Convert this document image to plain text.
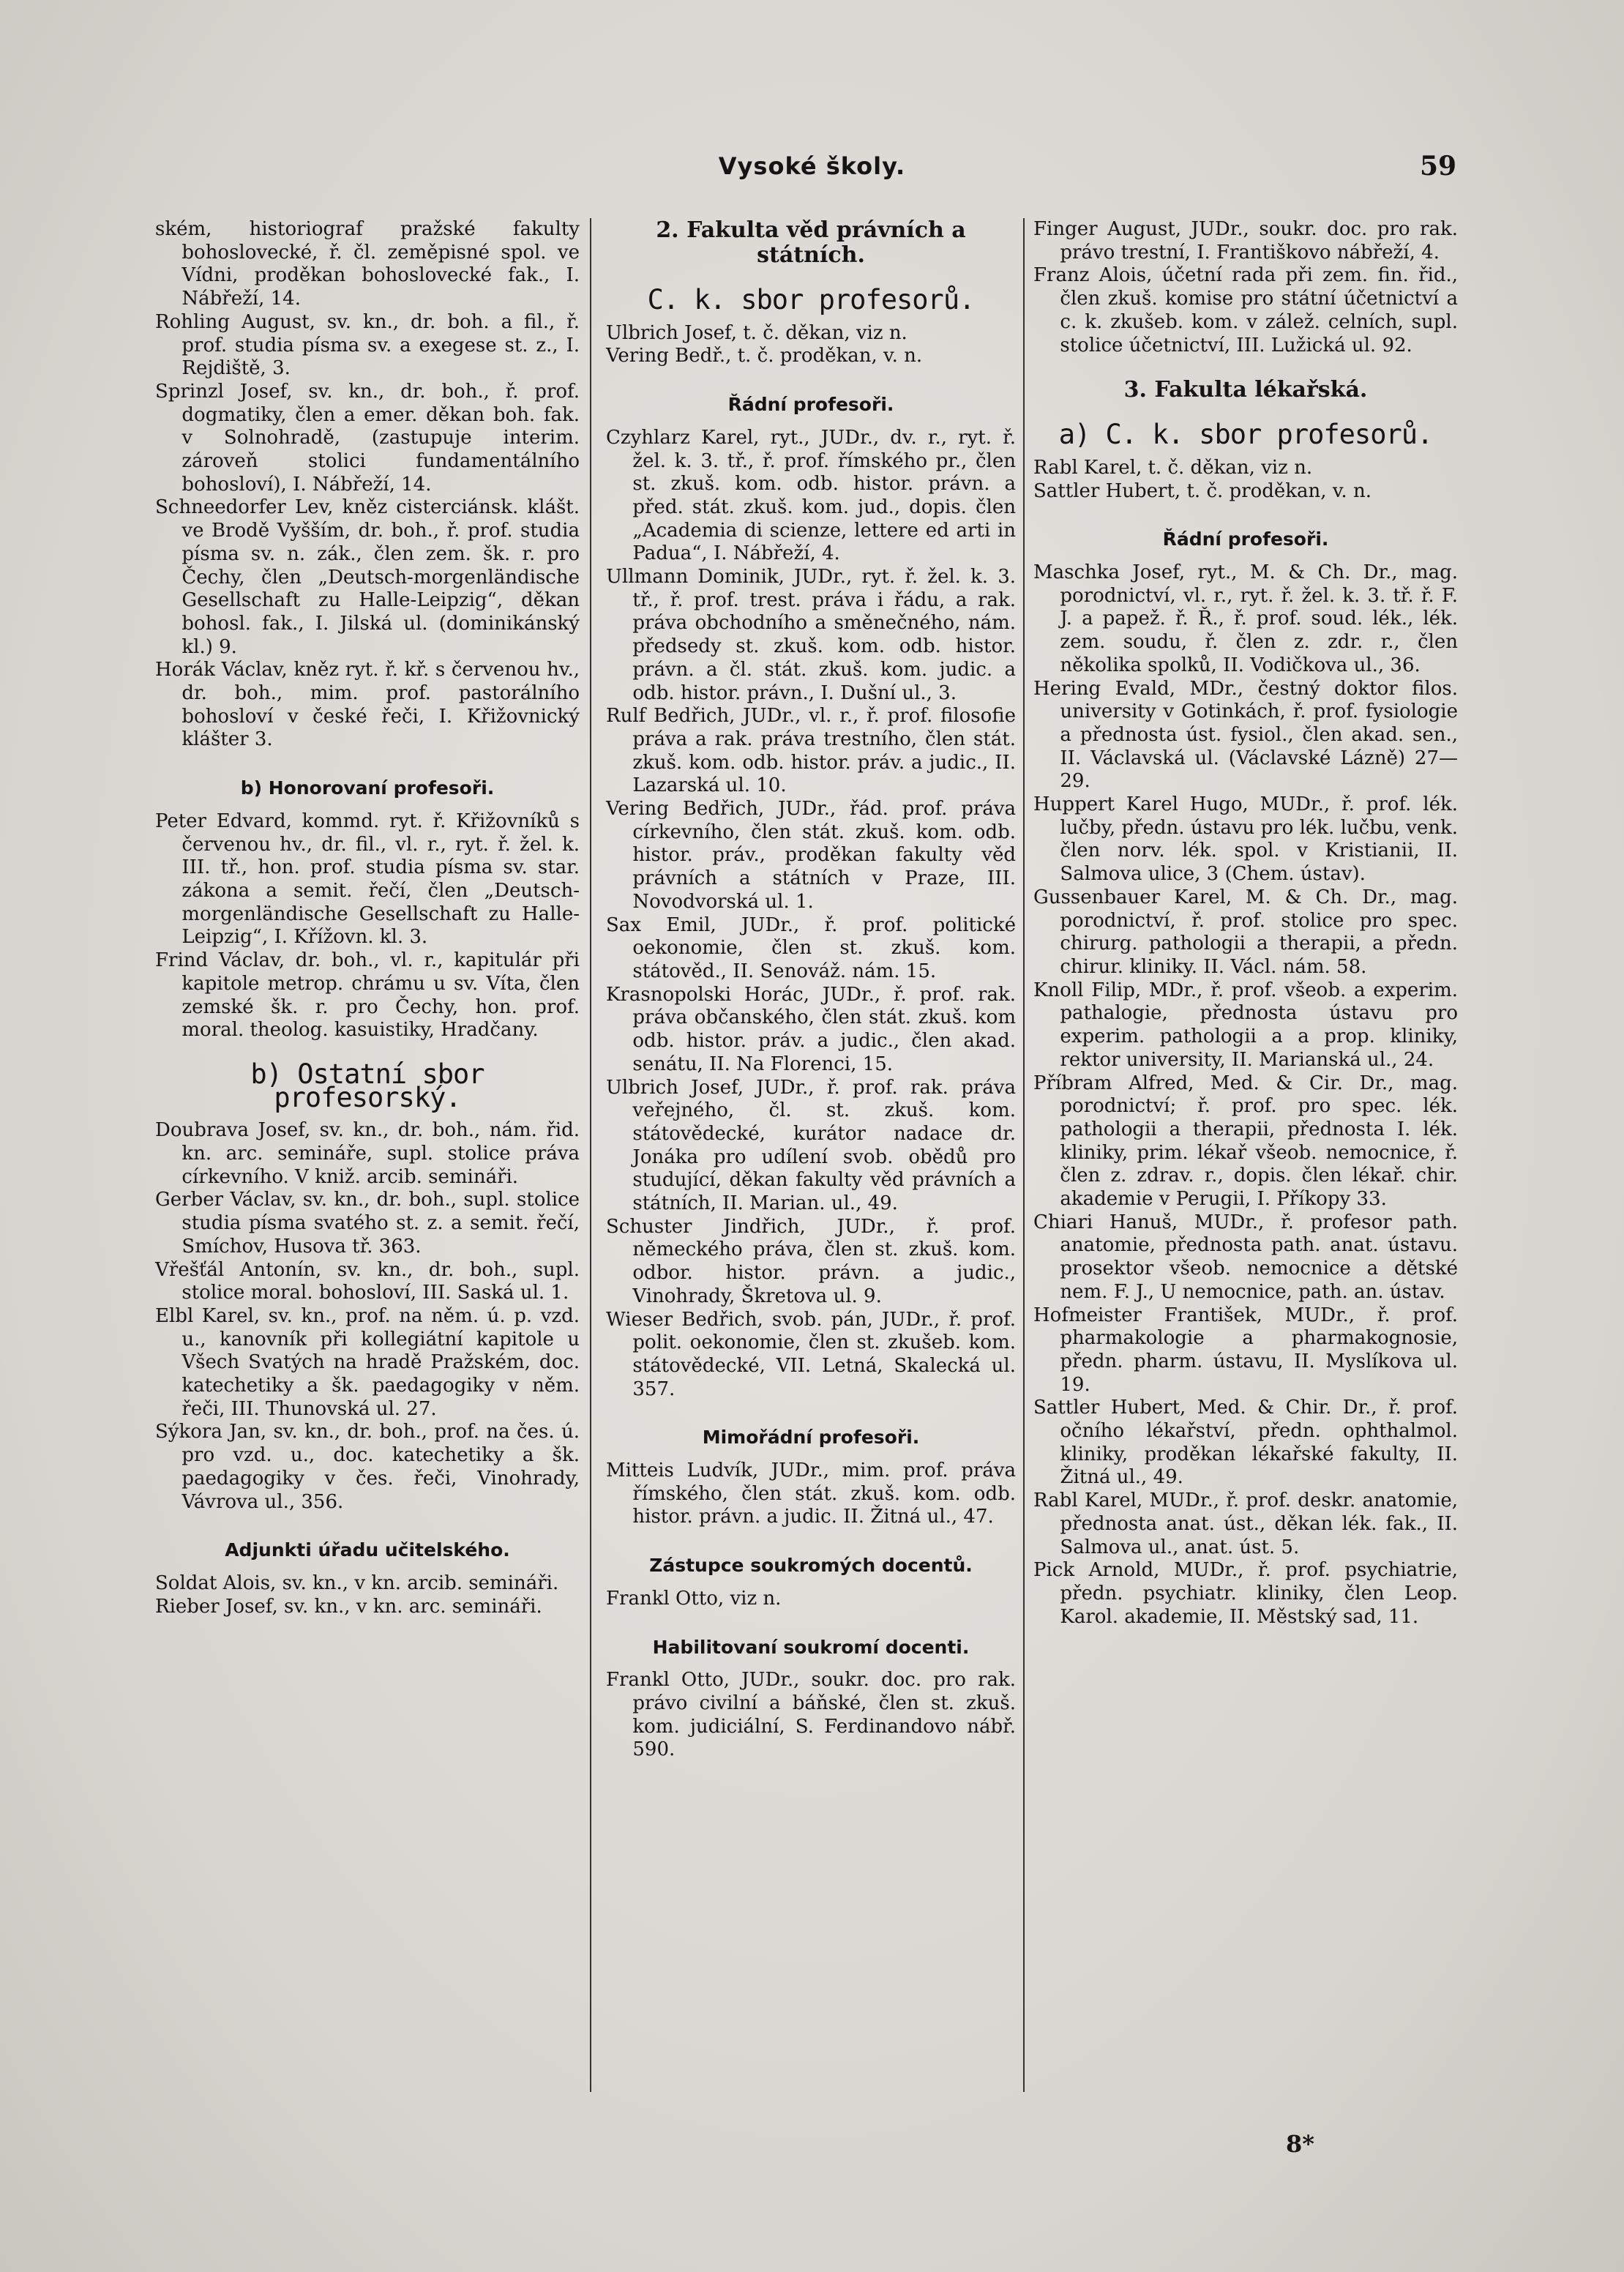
Vysoké školy.	59
ském, historiograf pražské fakulty bohoslovecké, ř. čl. zeměpisné spol. ve Vídni, proděkan bohoslovecké fak., I. Nábřeží, 14.
Rohling August, sv. kn., dr. boh. a fil., ř. prof. studia písma sv. a exegese st. z., I. Rejdiště, 3.
Sprinzl Josef, sv. kn., dr. boh., ř. prof. dogmatiky, člen a emer. děkan boh. fak. v Solnohradě, (zastupuje interim. zároveň stolici fundamentálního bohosloví), I. Nábřeží, 14.
Schneedorfer Lev, kněz cisterciánsk. klášt. ve Brodě Vyšším, dr. boh., ř. prof. studia písma sv. n. zák., člen zem. šk. r. pro Čechy, člen „Deutsch-morgenländische Gesellschaft zu Halle-Leipzig“, děkan bohosl. fak., I. Jilská ul. (dominikánský kl.) 9.
Horák Václav, kněz ryt. ř. kř. s červenou hv., dr. boh., mim. prof. pastorálního bohosloví v české řeči, I. Křižovnický klášter 3.
b) Honorovaní profesoři.
Peter Edvard, kommd. ryt. ř. Křižovníků s červenou hv., dr. fil., vl. r., ryt. ř. žel. k. III. tř., hon. prof. studia písma sv. star. zákona a semit. řečí, člen „Deutsch-morgenländische Gesellschaft zu Halle-Leipzig“, I. Křížovn. kl. 3.
Frind Václav, dr. boh., vl. r., kapitulár při kapitole metrop. chrámu u sv. Víta, člen zemské šk. r. pro Čechy, hon. prof. moral. theolog. kasuistiky, Hradčany.
b) Ostatní sbor profesorský.
Doubrava Josef, sv. kn., dr. boh., nám. řid. kn. arc. semináře, supl. stolice práva církevního. V kniž. arcib. semináři.
Gerber Václav, sv. kn., dr. boh., supl. stolice studia písma svatého st. z. a semit. řečí, Smíchov, Husova tř. 363.
Vřešťál Antonín, sv. kn., dr. boh., supl. stolice moral. bohosloví, III. Saská ul. 1.
Elbl Karel, sv. kn., prof. na něm. ú. p. vzd. u., kanovník při kollegiátní kapitole u Všech Svatých na hradě Pražském, doc. katechetiky a šk. paedagogiky v něm. řeči, III. Thunovská ul. 27.
Sýkora Jan, sv. kn., dr. boh., prof. na čes. ú. pro vzd. u., doc. katechetiky a šk. paedagogiky v čes. řeči, Vinohrady, Vávrova ul., 356.
Adjunkti úřadu učitelského.
Soldat Alois, sv. kn., v kn. arcib. semináři.
Rieber Josef, sv. kn., v kn. arc. semináři.
2. Fakulta věd právních a státních.
C. k. sbor profesorů.
Ulbrich Josef, t. č. děkan, viz n.
Vering Bedř., t. č. proděkan, v. n.
Řádní profesoři.
Czyhlarz Karel, ryt., JUDr., dv. r., ryt. ř. žel. k. 3. tř., ř. prof. římského pr., člen st. zkuš. kom. odb. histor. právn. a před. stát. zkuš. kom. jud., dopis. člen „Academia di scienze, lettere ed arti in Padua“, I. Nábřeží, 4.
Ullmann Dominik, JUDr., ryt. ř. žel. k. 3. tř., ř. prof. trest. práva i řádu, a rak. práva obchodního a směnečného, nám. předsedy st. zkuš. kom. odb. histor. právn. a čl. stát. zkuš. kom. judic. a odb. histor. právn., I. Dušní ul., 3.
Rulf Bedřich, JUDr., vl. r., ř. prof. filosofie práva a rak. práva trestního, člen stát. zkuš. kom. odb. histor. práv. a judic., II. Lazarská ul. 10.
Vering Bedřich, JUDr., řád. prof. práva církevního, člen stát. zkuš. kom. odb. histor. práv., proděkan fakulty věd právních a státních v Praze, III. Novodvorská ul. 1.
Sax Emil, JUDr., ř. prof. politické oekonomie, člen st. zkuš. kom. státověd., II. Senováž. nám. 15.
Krasnopolski Horác, JUDr., ř. prof. rak. práva občanského, člen stát. zkuš. kom odb. histor. práv. a judic., člen akad. senátu, II. Na Florenci, 15.
Ulbrich Josef, JUDr., ř. prof. rak. práva veřejného, čl. st. zkuš. kom. státovědecké, kurátor nadace dr. Jonáka pro udílení svob. obědů pro studující, děkan fakulty věd právních a státních, II. Marian. ul., 49.
Schuster Jindřich, JUDr., ř. prof. německého práva, člen st. zkuš. kom. odbor. histor. právn. a judic., Vinohrady, Škretova ul. 9.
Wieser Bedřich, svob. pán, JUDr., ř. prof. polit. oekonomie, člen st. zkušeb. kom. státovědecké, VII. Letná, Skalecká ul. 357.
Mimořádní profesoři.
Mitteis Ludvík, JUDr., mim. prof. práva římského, člen stát. zkuš. kom. odb. histor. právn. a judic. II. Žitná ul., 47.
Zástupce soukromých docentů.
Frankl Otto, viz n.
Habilitovaní soukromí docenti.
Frankl Otto, JUDr., soukr. doc. pro rak. právo civilní a báňské, člen st. zkuš. kom. judiciální, S. Ferdinandovo nábř. 590.
Finger August, JUDr., soukr. doc. pro rak. právo trestní, I. Františkovo nábřeží, 4.
Franz Alois, účetní rada při zem. fin. řid., člen zkuš. komise pro státní účetnictví a c. k. zkušeb. kom. v zálež. celních, supl. stolice účetnictví, III. Lužická ul. 92.
3. Fakulta lékařská.
a) C. k. sbor profesorů.
Rabl Karel, t. č. děkan, viz n.
Sattler Hubert, t. č. proděkan, v. n.
Řádní profesoři.
Maschka Josef, ryt., M. & Ch. Dr., mag. porodnictví, vl. r., ryt. ř. žel. k. 3. tř. ř. F. J. a papež. ř. Ř., ř. prof. soud. lék., lék. zem. soudu, ř. člen z. zdr. r., člen několika spolků, II. Vodičkova ul., 36.
Hering Evald, MDr., čestný doktor filos. university v Gotinkách, ř. prof. fysiologie a přednosta úst. fysiol., člen akad. sen., II. Václavská ul. (Václavské Lázně) 27—29.
Huppert Karel Hugo, MUDr., ř. prof. lék. lučby, předn. ústavu pro lék. lučbu, venk. člen norv. lék. spol. v Kristianii, II. Salmova ulice, 3 (Chem. ústav).
Gussenbauer Karel, M. & Ch. Dr., mag. porodnictví, ř. prof. stolice pro spec. chirurg. pathologii a therapii, a předn. chirur. kliniky. II. Václ. nám. 58.
Knoll Filip, MDr., ř. prof. všeob. a experim. pathalogie, přednosta ústavu pro experim. pathologii a a prop. kliniky, rektor university, II. Marianská ul., 24.
Příbram Alfred, Med. & Cir. Dr., mag. porodnictví; ř. prof. pro spec. lék. pathologii a therapii, přednosta I. lék. kliniky, prim. lékař všeob. nemocnice, ř. člen z. zdrav. r., dopis. člen lékař. chir. akademie v Perugii, I. Příkopy 33.
Chiari Hanuš, MUDr., ř. profesor path. anatomie, přednosta path. anat. ústavu. prosektor všeob. nemocnice a dětské nem. F. J., U nemocnice, path. an. ústav.
Hofmeister František, MUDr., ř. prof. pharmakologie a pharmakognosie, předn. pharm. ústavu, II. Myslíkova ul. 19.
Sattler Hubert, Med. & Chir. Dr., ř. prof. očního lékařství, předn. ophthalmol. kliniky, proděkan lékařské fakulty, II. Žitná ul., 49.
Rabl Karel, MUDr., ř. prof. deskr. anatomie, přednosta anat. úst., děkan lék. fak., II. Salmova ul., anat. úst. 5.
Pick Arnold, MUDr., ř. prof. psychiatrie, předn. psychiatr. kliniky, člen Leop. Karol. akademie, II. Městský sad, 11.
8*
